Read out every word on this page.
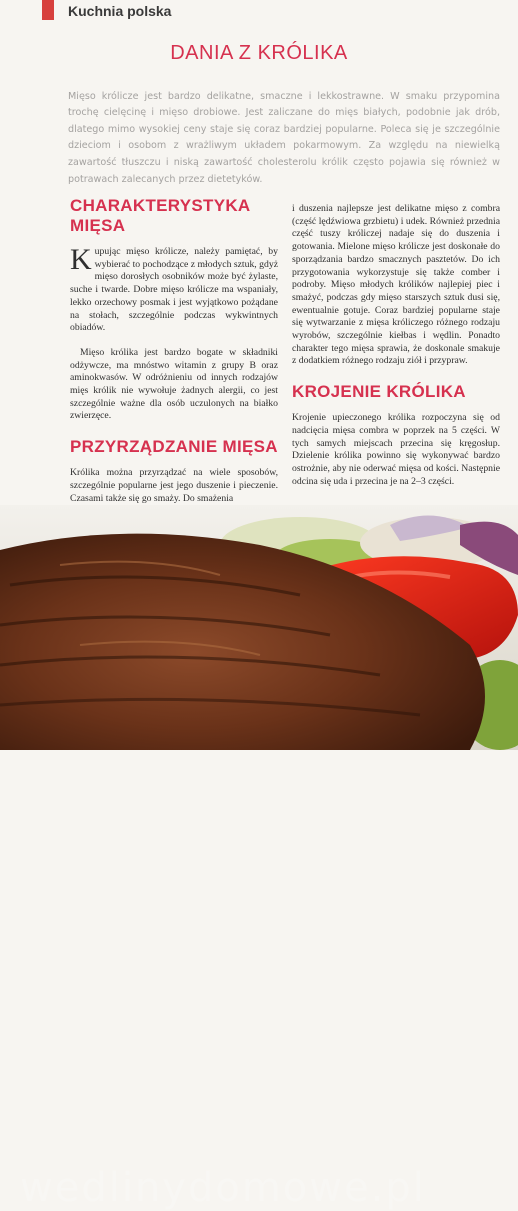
Kuchnia polska
DANIA Z KRÓLIKA

Mięso królicze jest bardzo delikatne, smaczne i lekkostrawne. W smaku przypomina trochę cielęcinę i mięso drobiowe. Jest zaliczane do mięs białych, podobnie jak drób, dlatego mimo wysokiej ceny staje się coraz bardziej popularne. Poleca się je szczególnie dzieciom i osobom z wrażliwym układem pokarmowym. Za względu na niewielką zawartość tłuszczu i niską zawartość cholesterolu królik często pojawia się również w potrawach zalecanych przez dietetyków.

CHARAKTERYSTYKA MIĘSA

Kupując mięso królicze, należy pamiętać, by wybierać to pochodzące z młodych sztuk, gdyż mięso dorosłych osobników może być żylaste, suche i twarde. Dobre mięso królicze ma wspaniały, lekko orzechowy posmak i jest wyjątkowo pożądane na stołach, szczególnie podczas wykwintnych obiadów.

Mięso królika jest bardzo bogate w składniki odżywcze, ma mnóstwo witamin z grupy B oraz aminokwasów. W odróżnieniu od innych rodzajów mięs królik nie wywołuje żadnych alergii, co jest szczególnie ważne dla osób uczulonych na białko zwierzęce.

PRZYRZĄDZANIE MIĘSA

Królika można przyrządzać na wiele sposobów, szczególnie popularne jest jego duszenie i pieczenie. Czasami także się go smaży. Do smażenia

i duszenia najlepsze jest delikatne mięso z combra (część lędźwiowa grzbietu) i udek. Również przednia część tuszy króliczej nadaje się do duszenia i gotowania. Mielone mięso królicze jest doskonałe do sporządzania bardzo smacznych pasztetów. Do ich przygotowania wykorzystuje się także comber i podroby. Mięso młodych królików najlepiej piec i smażyć, podczas gdy mięso starszych sztuk dusi się, ewentualnie gotuje. Coraz bardziej popularne staje się wytwarzanie z mięsa króliczego różnego rodzaju wyrobów, szczególnie kiełbas i wędlin. Ponadto charakter tego mięsa sprawia, że doskonale smakuje z dodatkiem różnego rodzaju ziół i przypraw.

KROJENIE KRÓLIKA

Krojenie upieczonego królika rozpoczyna się od nadcięcia mięsa combra w poprzek na 5 części. W tych samych miejscach przecina się kręgosłup. Dzielenie królika powinno się wykonywać bardzo ostrożnie, aby nie oderwać mięsa od kości. Następnie odcina się uda i przecina je na 2–3 części.

wedlinydomowe.pl
